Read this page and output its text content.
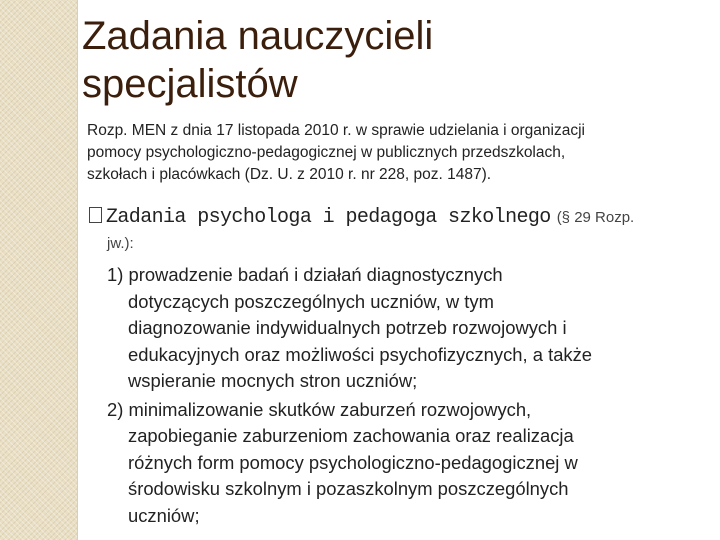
Zadania nauczycieli
specjalistów

Rozp. MEN z dnia 17 listopada 2010 r. w sprawie udzielania i organizacji
pomocy psychologiczno-pedagogicznej w publicznych przedszkolach,
szkołach i placówkach (Dz. U. z 2010 r. nr 228, poz. 1487).

Zadania psychologa i pedagoga szkolnego (§ 29 Rozp.
jw.):
1) prowadzenie badań i działań diagnostycznych
dotyczących poszczególnych uczniów, w tym
diagnozowanie indywidualnych potrzeb rozwojowych i
edukacyjnych oraz możliwości psychofizycznych, a także
wspieranie mocnych stron uczniów;
2) minimalizowanie skutków zaburzeń rozwojowych,
zapobieganie zaburzeniom zachowania oraz realizacja
różnych form pomocy psychologiczno-pedagogicznej w
środowisku szkolnym i pozaszkolnym poszczególnych
uczniów;
